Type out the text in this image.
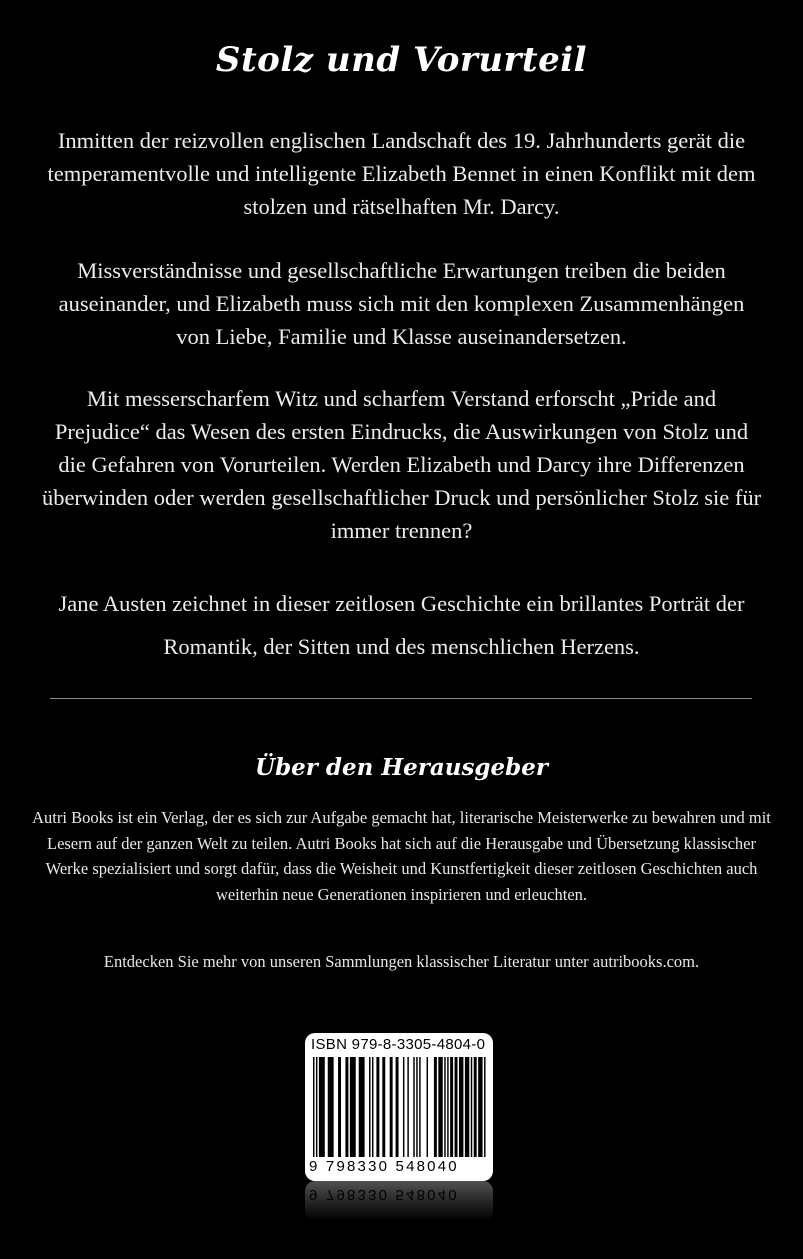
Stolz und Vorurteil

Inmitten der reizvollen englischen Landschaft des 19. Jahrhunderts gerät die temperamentvolle und intelligente Elizabeth Bennet in einen Konflikt mit dem stolzen und rätselhaften Mr. Darcy.

Missverständnisse und gesellschaftliche Erwartungen treiben die beiden auseinander, und Elizabeth muss sich mit den komplexen Zusammenhängen von Liebe, Familie und Klasse auseinandersetzen.

Mit messerscharfem Witz und scharfem Verstand erforscht „Pride and Prejudice“ das Wesen des ersten Eindrucks, die Auswirkungen von Stolz und die Gefahren von Vorurteilen. Werden Elizabeth und Darcy ihre Differenzen überwinden oder werden gesellschaftlicher Druck und persönlicher Stolz sie für immer trennen?

Jane Austen zeichnet in dieser zeitlosen Geschichte ein brillantes Porträt der Romantik, der Sitten und des menschlichen Herzens.

Über den Herausgeber

Autri Books ist ein Verlag, der es sich zur Aufgabe gemacht hat, literarische Meisterwerke zu bewahren und mit Lesern auf der ganzen Welt zu teilen. Autri Books hat sich auf die Herausgabe und Übersetzung klassischer Werke spezialisiert und sorgt dafür, dass die Weisheit und Kunstfertigkeit dieser zeitlosen Geschichten auch weiterhin neue Generationen inspirieren und erleuchten.

Entdecken Sie mehr von unseren Sammlungen klassischer Literatur unter autribooks.com.

ISBN 979-8-3305-4804-0
9 798330 548040
9 798330 548040
